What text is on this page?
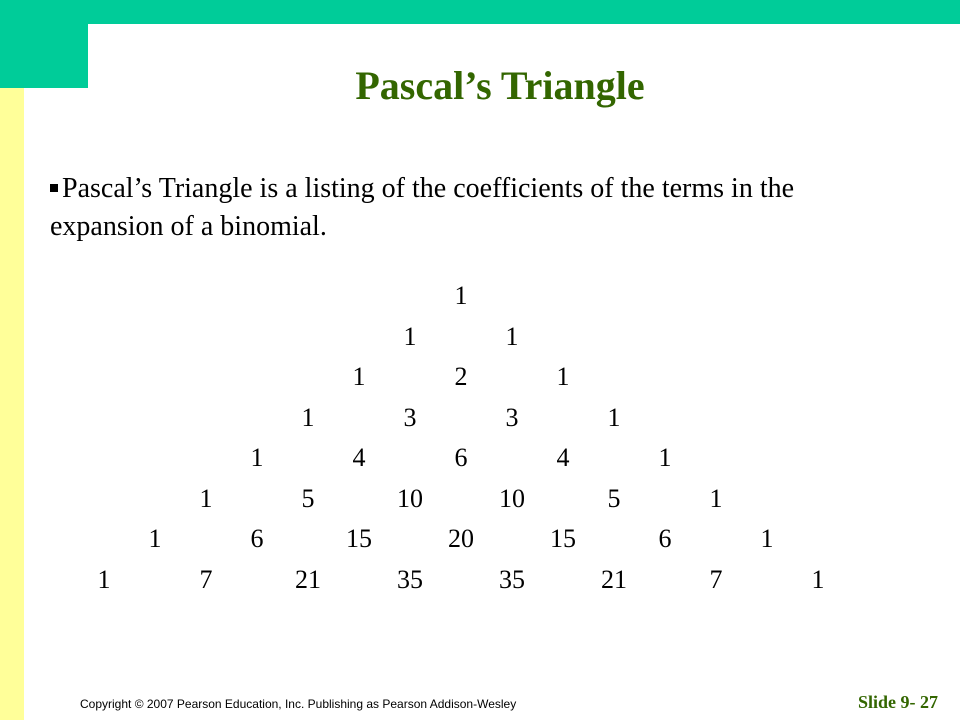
Pascal’s Triangle
Pascal’s Triangle is a listing of the coefficients of the terms in the expansion of a binomial.
1
1	1
1	2	1
1	3	3	1
1	4	6	4	1
1	5	10	10	5	1
1	6	15	20	15	6	1
1	7	21	35	35	21	7	1
Copyright © 2007 Pearson Education, Inc. Publishing as Pearson Addison-Wesley	Slide 9- 27
